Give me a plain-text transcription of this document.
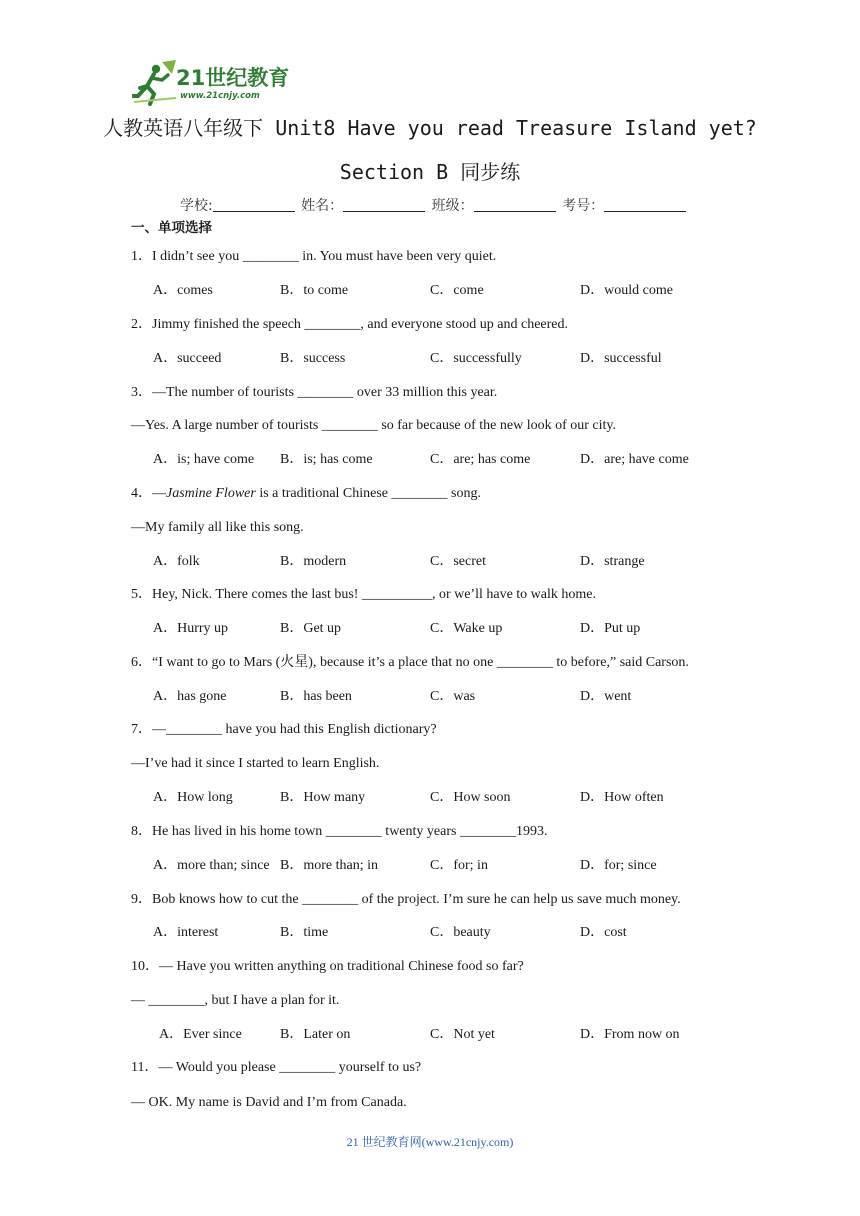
21世纪教育
www.21cnjy.com
人教英语八年级下 Unit8 Have you read Treasure Island yet?
Section B 同步练
学校:	姓名：	班级：	考号：
一、单项选择
1．I didn’t see you ________ in. You must have been very quiet.
A．comes	B．to come	C．come	D．would come
2．Jimmy finished the speech ________, and everyone stood up and cheered.
A．succeed	B．success	C．successfully	D．successful
3．—The number of tourists ________ over 33 million this year.
—Yes. A large number of tourists ________ so far because of the new look of our city.
A．is; have come B．is; has come	C．are; has come	D．are; have come
4．—Jasmine Flower is a traditional Chinese ________ song.
—My family all like this song.
A．folk	B．modern	C．secret	D．strange
5．Hey, Nick. There comes the last bus! __________, or we’ll have to walk home.
A．Hurry up	B．Get up	C．Wake up	D．Put up
6．“I want to go to Mars (火星), because it’s a place that no one ________ to before,” said Carson.
A．has gone	B．has been	C．was	D．went
7．—________ have you had this English dictionary?
—I’ve had it since I started to learn English.
A．How long	B．How many	C．How soon	D．How often
8．He has lived in his home town ________ twenty years ________1993.
A．more than; since B．more than; in	C．for; in	D．for; since
9．Bob knows how to cut the ________ of the project. I’m sure he can help us save much money.
A．interest	B．time	C．beauty	D．cost
10．— Have you written anything on traditional Chinese food so far?
— ________, but I have a plan for it.
A．Ever since	B．Later on	C．Not yet	D．From now on
11．— Would you please ________ yourself to us?
— OK. My name is David and I’m from Canada.
21 世纪教育网(www.21cnjy.com)
